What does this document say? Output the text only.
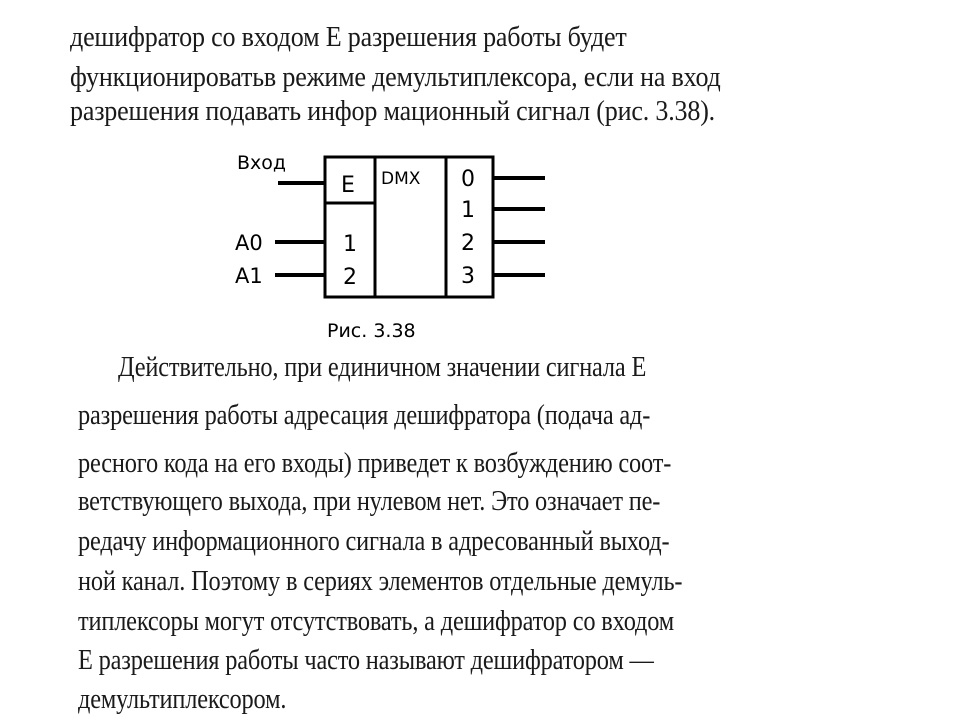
дешифратор со входом E разрешения работы будет
функционироватьв режиме демультиплексора, если на вход
разрешения подавать инфор мационный сигнал (рис. 3.38).
Вход
A0
A1
E DMX
1
2
0
1
2
3
Рис. 3.38
Действительно, при единичном значении сигнала E
разрешения работы адресация дешифратора (подача ад-
ресного кода на его входы) приведет к возбуждению соот-
ветствующего выхода, при нулевом нет. Это означает пе-
редачу информационного сигнала в адресованный выход-
ной канал. Поэтому в сериях элементов отдельные демуль-
типлексоры могут отсутствовать, а дешифратор со входом
E разрешения работы часто называют дешифратором —
демультиплексором.
